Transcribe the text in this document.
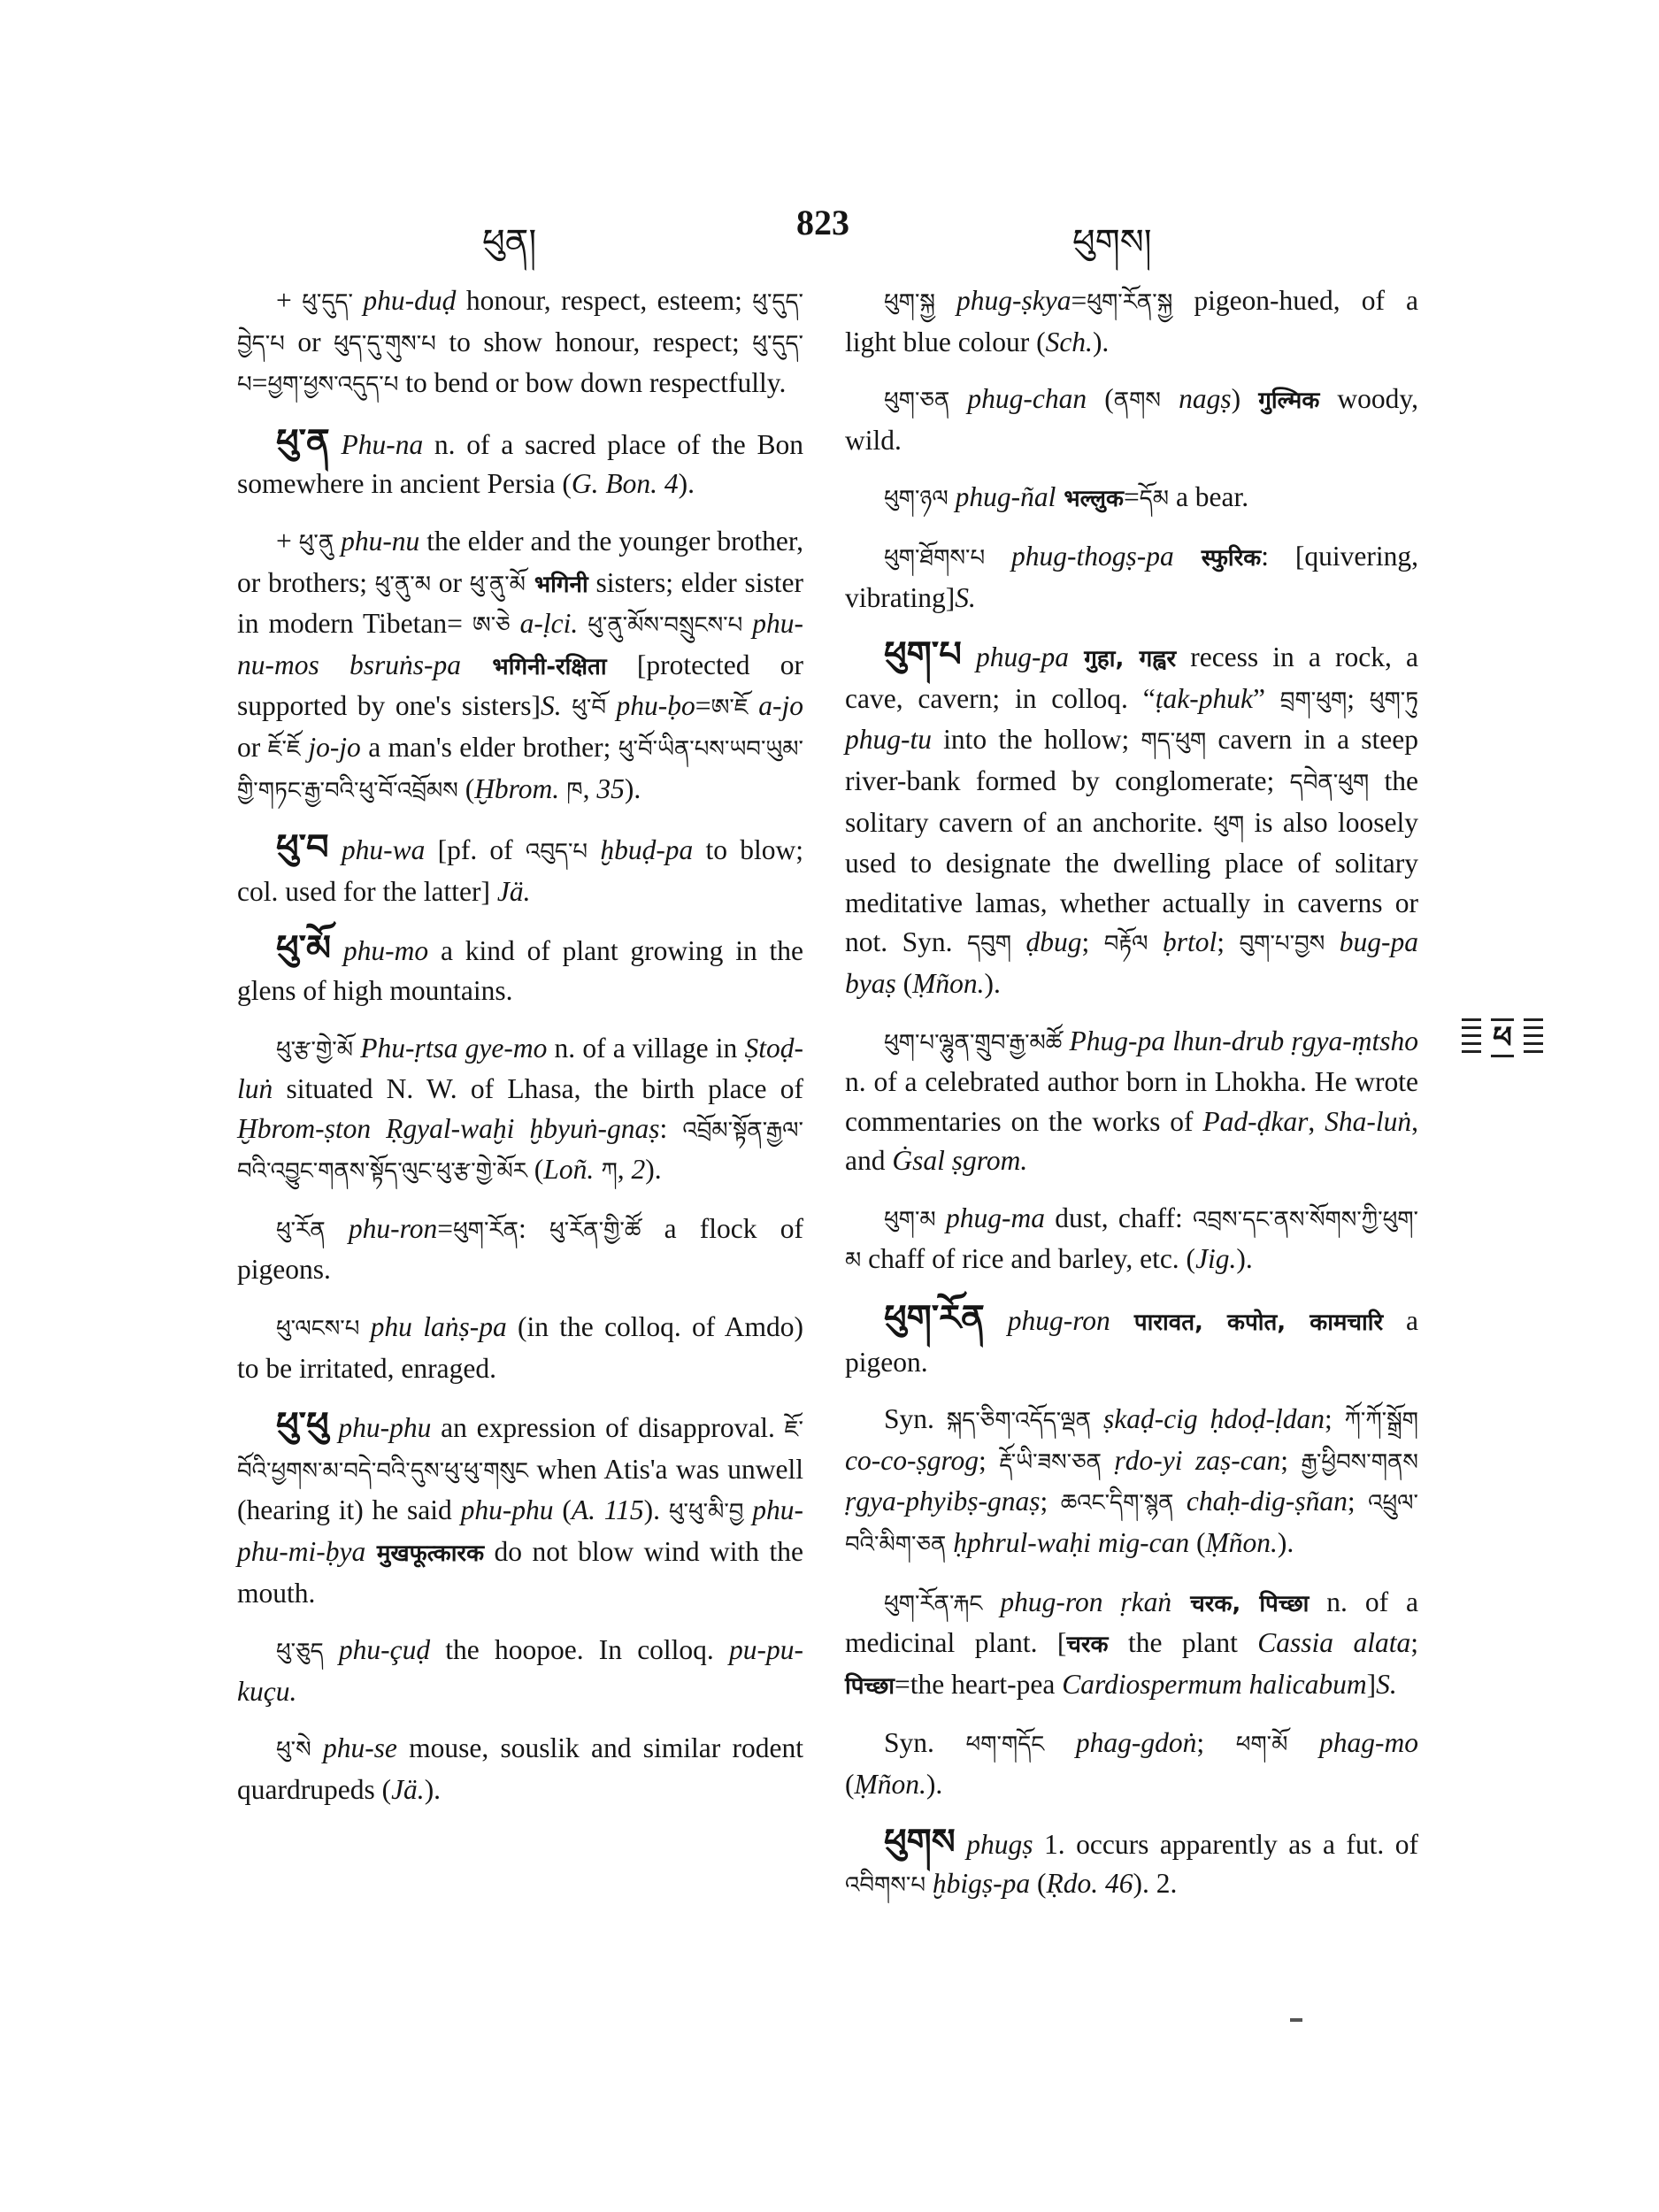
ཕུན།	823	ཕུགས།

+ ཕུ་དུད་ phu-duḍ honour, respect, esteem; ཕུ་དུད་བྱེད་པ or ཕུད་དུ་གུས་པ to show honour, respect; ཕུ་དུད་པ=ཕྱག་ཕྱས་འདུད་པ to bend or bow down respectfully.

ཕུ་ན Phu-na n. of a sacred place of the Bon somewhere in ancient Persia (G. Bon. 4).

+ ཕུ་ནུ phu-nu the elder and the younger brother, or brothers; ཕུ་ནུ་མ or ཕུ་ནུ་མོ भगिनी sisters; elder sister in modern Tibetan= ཨ་ཅེ a-ḷci. ཕུ་ནུ་མོས་བསྲུངས་པ phu-nu-mos bsruṅs-pa भगिनी-रक्षिता [protected or supported by one's sisters]S. ཕུ་བོ phu-ḅo=ཨ་ཇོ a-jo or ཇོ་ཇོ jo-jo a man's elder brother; ཕུ་བོ་ཡིན་པས་ཡབ་ཡུམ་གྱི་གཏང་རྒྱ་བའི་ཕུ་བོ་འབྲོམས (Ḫbrom. ཁ, 35).

ཕུ་བ phu-wa [pf. of འབུད་པ ḫbuḍ-pa to blow; col. used for the latter] Jä.

ཕུ་མོ phu-mo a kind of plant growing in the glens of high mountains.

ཕུ་རྩ་གྱེ་མོ Phu-ṛtsa gye-mo n. of a village in Ṣtoḍ-luṅ situated N. W. of Lhasa, the birth place of Ḫbrom-ṣton Ṛgyal-waḫi ḫbyuṅ-gnaṣ: འབྲོམ་སྟོན་རྒྱལ་བའི་འབྱུང་གནས་སྟོད་ལུང་ཕུ་རྩ་གྱེ་མོར (Loñ. ཀ, 2).

ཕུ་རོན phu-ron=ཕུག་རོན: ཕུ་རོན་གྱི་ཚོ a flock of pigeons.

ཕུ་ལངས་པ phu laṅṣ-pa (in the colloq. of Amdo) to be irritated, enraged.

ཕུ་ཕུ phu-phu an expression of disapproval. ཇོ་བོའི་ཕྱགས་མ་བདེ་བའི་དུས་ཕུ་ཕུ་གསུང when Atis'a was unwell (hearing it) he said phu-phu (A. 115). ཕུ་ཕུ་མི་བྱ phu-phu-mi-ḅya मुखफूत्कारक do not blow wind with the mouth.

ཕུ་ཅུད phu-çuḍ the hoopoe. In colloq. pu-pu-kuçu.

ཕུ་སེ phu-se mouse, souslik and similar rodent quardrupeds (Jä.).

ཕུག་སྐྱ phug-ṣkya=ཕུག་རོན་སྐྱ pigeon-hued, of a light blue colour (Sch.).

ཕུག་ཅན phug-chan (ནགས nagṣ) गुल्मिक woody, wild.

ཕུག་ཉལ phug-ñal भल्लुक=དོམ a bear.

ཕུག་ཐོགས་པ phug-thogṣ-pa स्फुरिक: [quivering, vibrating]S.

ཕུག་པ phug-pa गुहा, गह्वर recess in a rock, a cave, cavern; in colloq. “ṭak-phuk” བྲག་ཕུག; ཕུག་ཏུ phug-tu into the hollow; གད་ཕུག cavern in a steep river-bank formed by conglomerate; དབེན་ཕུག the solitary cavern of an anchorite. ཕུག is also loosely used to designate the dwelling place of solitary meditative lamas, whether actually in caverns or not. Syn. དབུག ḍbug; བརྟོལ ḅrtol; བུག་པ་བྱས bug-pa byaṣ (Ṃñon.).

ཕུག་པ་ལྷུན་གྲུབ་རྒྱ་མཚོ Phug-pa lhun-drub ṛgya-ṃtsho n. of a celebrated author born in Lhokha. He wrote commentaries on the works of Pad-ḍkar, Sha-luṅ, and Ġsal ṣgrom.

ཕུག་མ phug-ma dust, chaff: འབྲས་དང་ནས་སོགས་ཀྱི་ཕུག་མ chaff of rice and barley, etc. (Jig.).

ཕུག་རོན phug-ron पारावत, कपोत, कामचारि a pigeon.

Syn. སྐད་ཅིག་འདོད་ལྡན ṣkaḍ-cig ḥdoḍ-ḷdan; ཀོ་ཀོ་སྒྲོག co-co-ṣgrog; རྡོ་ཡི་ཟས་ཅན ṛdo-yi zaṣ-can; རྒྱ་ཕྱིབས་གནས ṛgya-phyibṣ-gnaṣ; ཆའང་དིག་སྙན chaḥ-dig-ṣñan; འཕྲུལ་བའི་མིག་ཅན ḥphrul-waḥi mig-can (Ṃñon.).

ཕུག་རོན་རྐང phug-ron ṛkaṅ चरक, पिच्छा n. of a medicinal plant. [चरक the plant Cassia alata; पिच्छा=the heart-pea Cardiospermum halicabum]S.

Syn. ཕག་གདོང phag-gdoṅ; ཕག་མོ phag-mo (Ṃñon.).

ཕུགས phugṣ 1. occurs apparently as a fut. of འབིགས་པ ḫbigṣ-pa (Ṛdo. 46). 2.

ཕ
